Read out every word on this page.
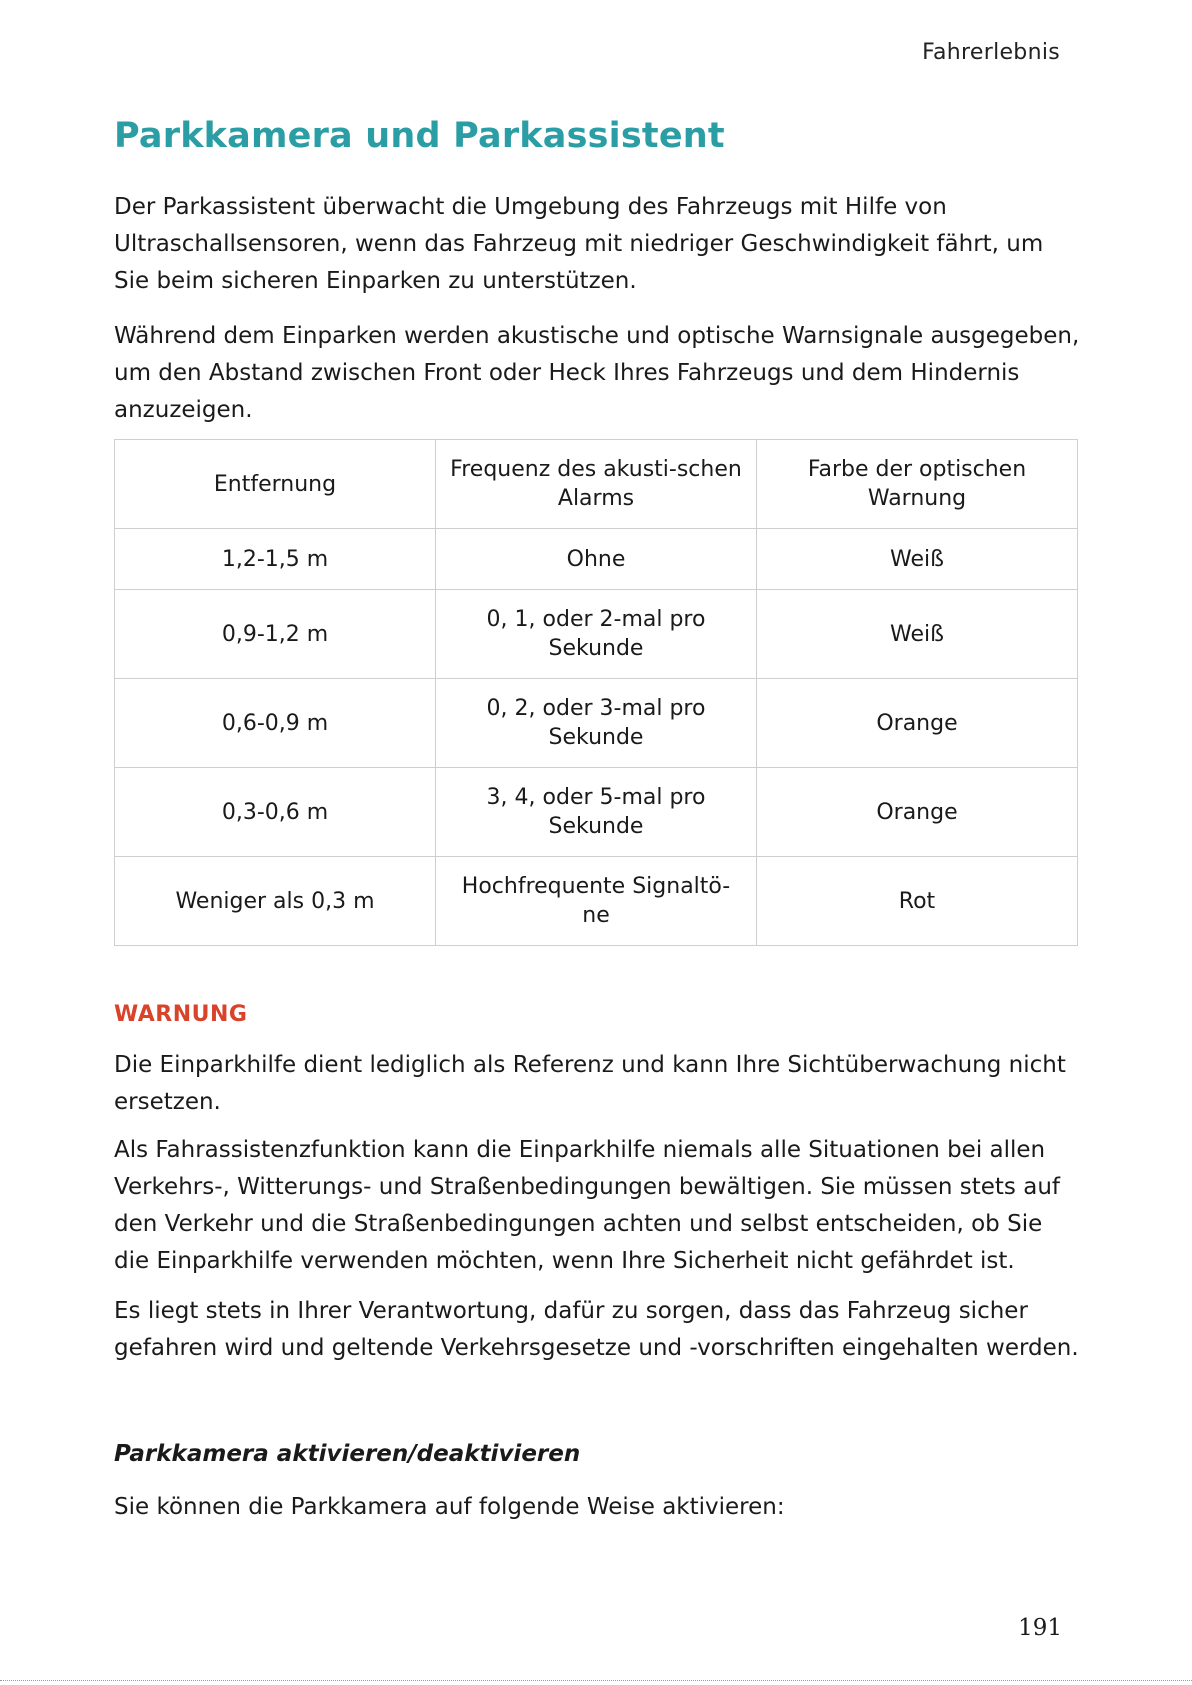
Fahrerlebnis
Parkkamera und Parkassistent

Der Parkassistent überwacht die Umgebung des Fahrzeugs mit Hilfe von Ultraschallsensoren, wenn das Fahrzeug mit niedriger Geschwindigkeit fährt, um Sie beim sicheren Einparken zu unterstützen.

Während dem Einparken werden akustische und optische Warnsignale ausgegeben, um den Abstand zwischen Front oder Heck Ihres Fahrzeugs und dem Hindernis anzuzeigen.

Entfernung	Frequenz des akusti-schen Alarms	Farbe der optischen Warnung
1,2-1,5 m	Ohne	Weiß
0,9-1,2 m	0, 1, oder 2-mal pro Sekunde	Weiß
0,6-0,9 m	0, 2, oder 3-mal pro Sekunde	Orange
0,3-0,6 m	3, 4, oder 5-mal pro Sekunde	Orange
Weniger als 0,3 m	Hochfrequente Signaltö-ne	Rot
WARNUNG

Die Einparkhilfe dient lediglich als Referenz und kann Ihre Sichtüberwachung nicht ersetzen.

Als Fahrassistenzfunktion kann die Einparkhilfe niemals alle Situationen bei allen Verkehrs-, Witterungs- und Straßenbedingungen bewältigen. Sie müssen stets auf den Verkehr und die Straßenbedingungen achten und selbst entscheiden, ob Sie die Einparkhilfe verwenden möchten, wenn Ihre Sicherheit nicht gefährdet ist.

Es liegt stets in Ihrer Verantwortung, dafür zu sorgen, dass das Fahrzeug sicher gefahren wird und geltende Verkehrsgesetze und -vorschriften eingehalten werden.

Parkkamera aktivieren/deaktivieren

Sie können die Parkkamera auf folgende Weise aktivieren:

191
